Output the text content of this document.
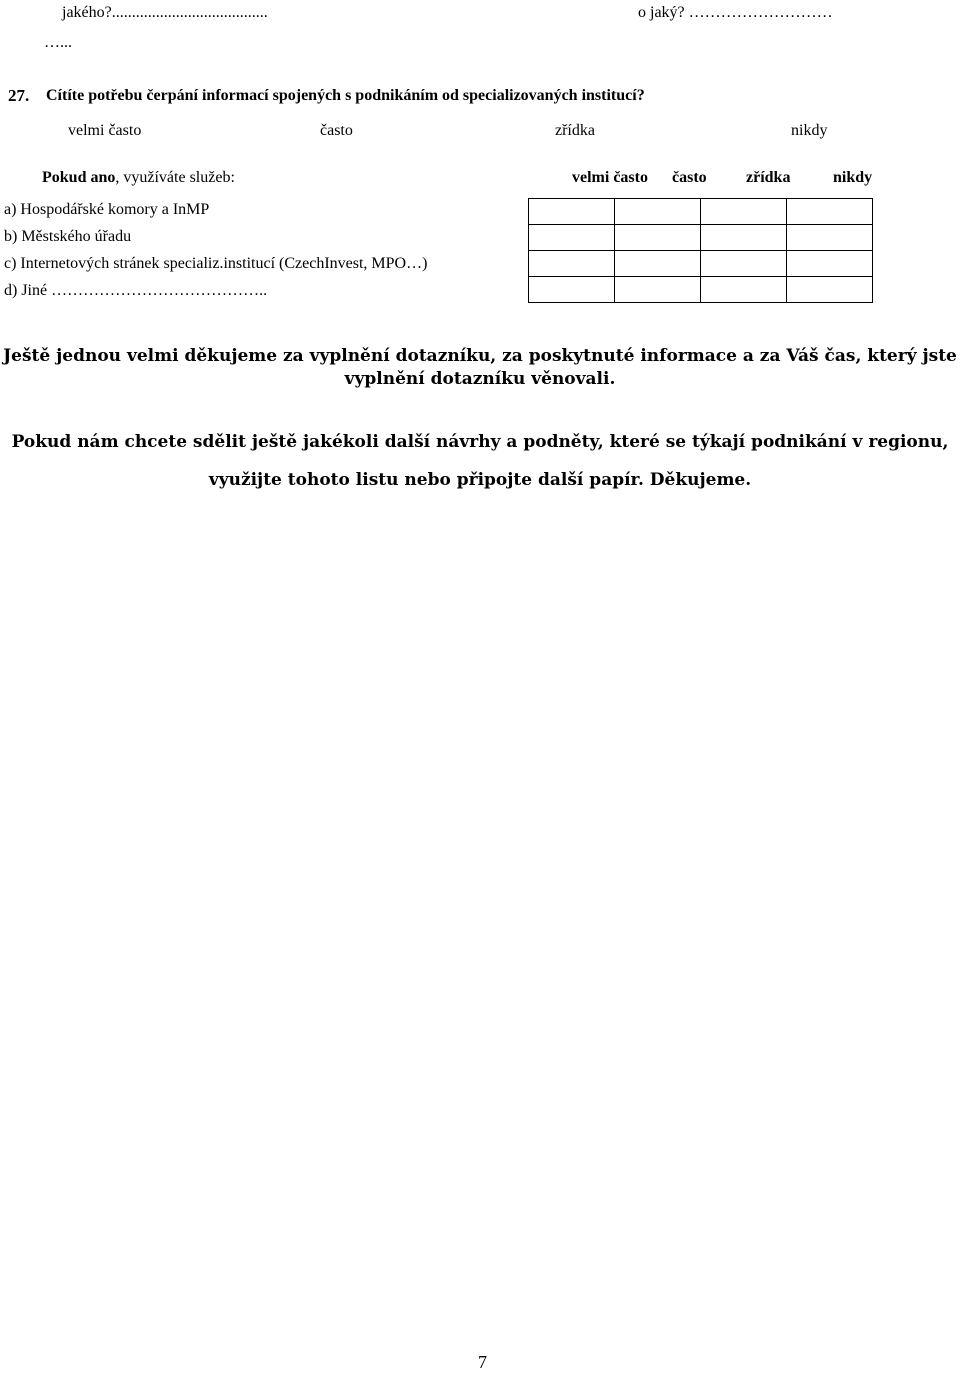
jakého?.......................................	o jaký? ………………………
…...
27. Cítíte potřebu čerpání informací spojených s podnikáním od specializovaných institucí?
velmi často	často	zřídka	nikdy
Pokud ano, využíváte služeb:	velmi často často zřídka	nikdy
a) Hospodářské komory a InMP
b) Městského úřadu
c) Internetových stránek specializ.institucí (CzechInvest, MPO…)
d) Jiné …………………………………..

Ještě jednou velmi děkujeme za vyplnění dotazníku, za poskytnuté informace a za Váš čas, který jste
vyplnění dotazníku věnovali.
Pokud nám chcete sdělit ještě jakékoli další návrhy a podněty, které se týkají podnikání v regionu,
využijte tohoto listu nebo připojte další papír. Děkujeme.
7
